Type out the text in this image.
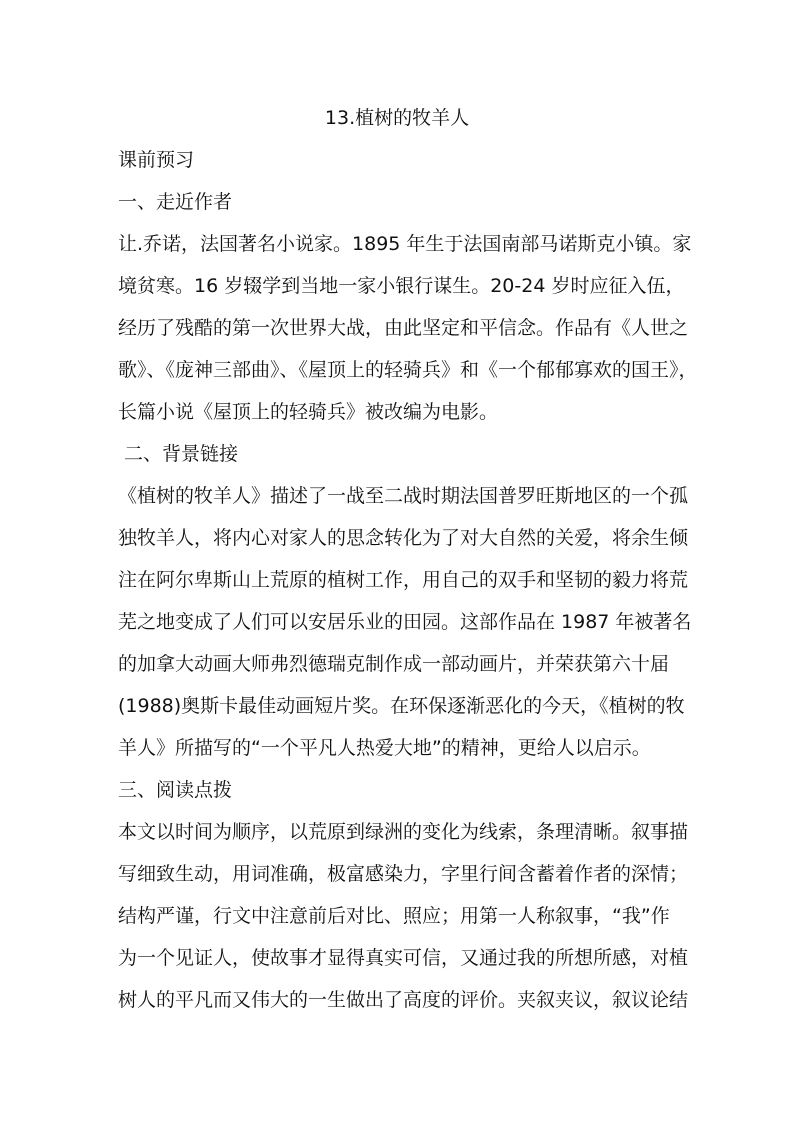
13.植树的牧羊人
课前预习
一、走近作者
让.乔诺，法国著名小说家。1895 年生于法国南部马诺斯克小镇。家
境贫寒。16 岁辍学到当地一家小银行谋生。20-24 岁时应征入伍，
经历了残酷的第一次世界大战，由此坚定和平信念。作品有《人世之
歌》、《庞神三部曲》、《屋顶上的轻骑兵》和《一个郁郁寡欢的国王》，
长篇小说《屋顶上的轻骑兵》被改编为电影。
二、背景链接
《植树的牧羊人》描述了一战至二战时期法国普罗旺斯地区的一个孤
独牧羊人，将内心对家人的思念转化为了对大自然的关爱，将余生倾
注在阿尔卑斯山上荒原的植树工作，用自己的双手和坚韧的毅力将荒
芜之地变成了人们可以安居乐业的田园。这部作品在 1987 年被著名
的加拿大动画大师弗烈德瑞克制作成一部动画片，并荣获第六十届
(1988)奥斯卡最佳动画短片奖。在环保逐渐恶化的今天，《植树的牧
羊人》所描写的“一个平凡人热爱大地”的精神，更给人以启示。
三、阅读点拨
本文以时间为顺序，以荒原到绿洲的变化为线索，条理清晰。叙事描
写细致生动，用词准确，极富感染力，字里行间含蓄着作者的深情；
结构严谨，行文中注意前后对比、照应；用第一人称叙事，“我”作
为一个见证人，使故事才显得真实可信，又通过我的所想所感，对植
树人的平凡而又伟大的一生做出了高度的评价。夹叙夹议，叙议论结
